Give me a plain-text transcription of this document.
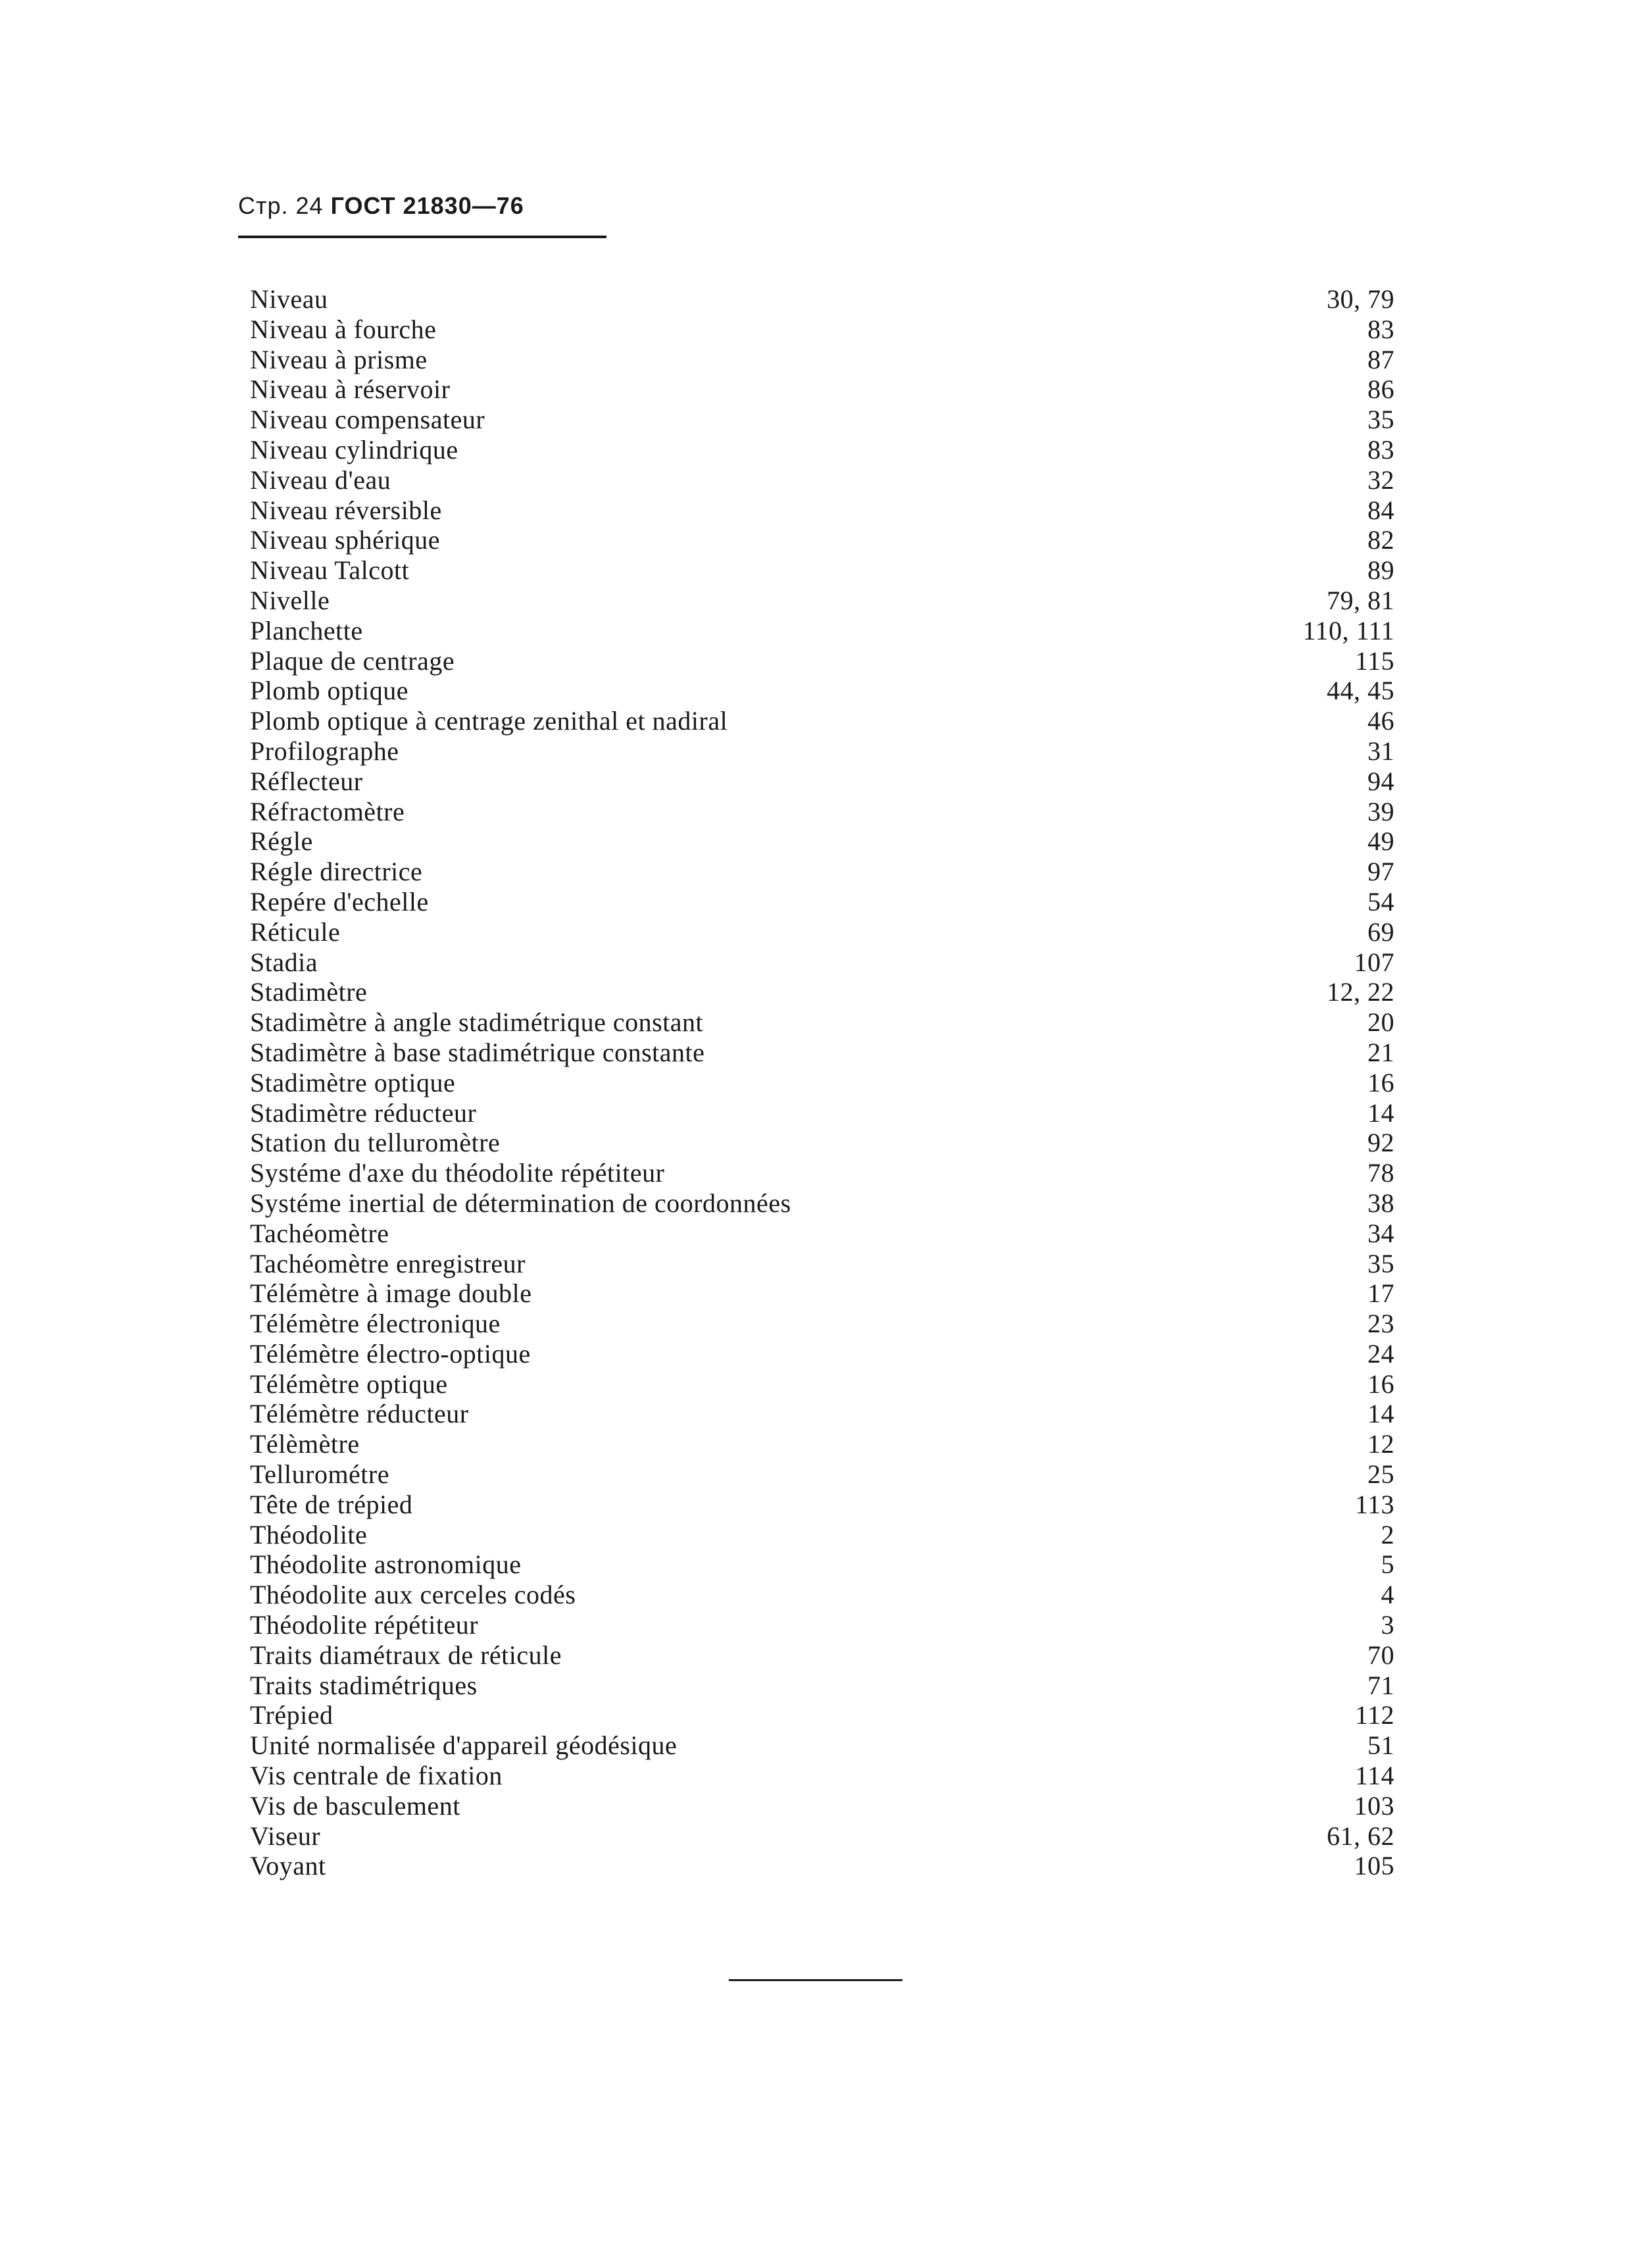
Стр. 24 ГОСТ 21830—76
Niveau	30, 79
Niveau à fourche	83
Niveau à prisme	87
Niveau à réservoir	86
Niveau compensateur	35
Niveau cylindrique	83
Niveau d'eau	32
Niveau réversible	84
Niveau sphérique	82
Niveau Talcott	89
Nivelle	79, 81
Planchette	110, 111
Plaque de centrage	115
Plomb optique	44, 45
Plomb optique à centrage zenithal et nadiral	46
Profilographe	31
Réflecteur	94
Réfractomètre	39
Régle	49
Régle directrice	97
Repére d'echelle	54
Réticule	69
Stadia	107
Stadimètre	12, 22
Stadimètre à angle stadimétrique constant	20
Stadimètre à base stadimétrique constante	21
Stadimètre optique	16
Stadimètre réducteur	14
Station du telluromètre	92
Systéme d'axe du théodolite répétiteur	78
Systéme inertial de détermination de coordonnées	38
Tachéomètre	34
Tachéomètre enregistreur	35
Télémètre à image double	17
Télémètre électronique	23
Télémètre électro-optique	24
Télémètre optique	16
Télémètre réducteur	14
Télèmètre	12
Tellurométre	25
Tête de trépied	113
Théodolite	2
Théodolite astronomique	5
Théodolite aux cerceles codés	4
Théodolite répétiteur	3
Traits diamétraux de réticule	70
Traits stadimétriques	71
Trépied	112
Unité normalisée d'appareil géodésique	51
Vis centrale de fixation	114
Vis de basculement	103
Viseur	61, 62
Voyant	105
